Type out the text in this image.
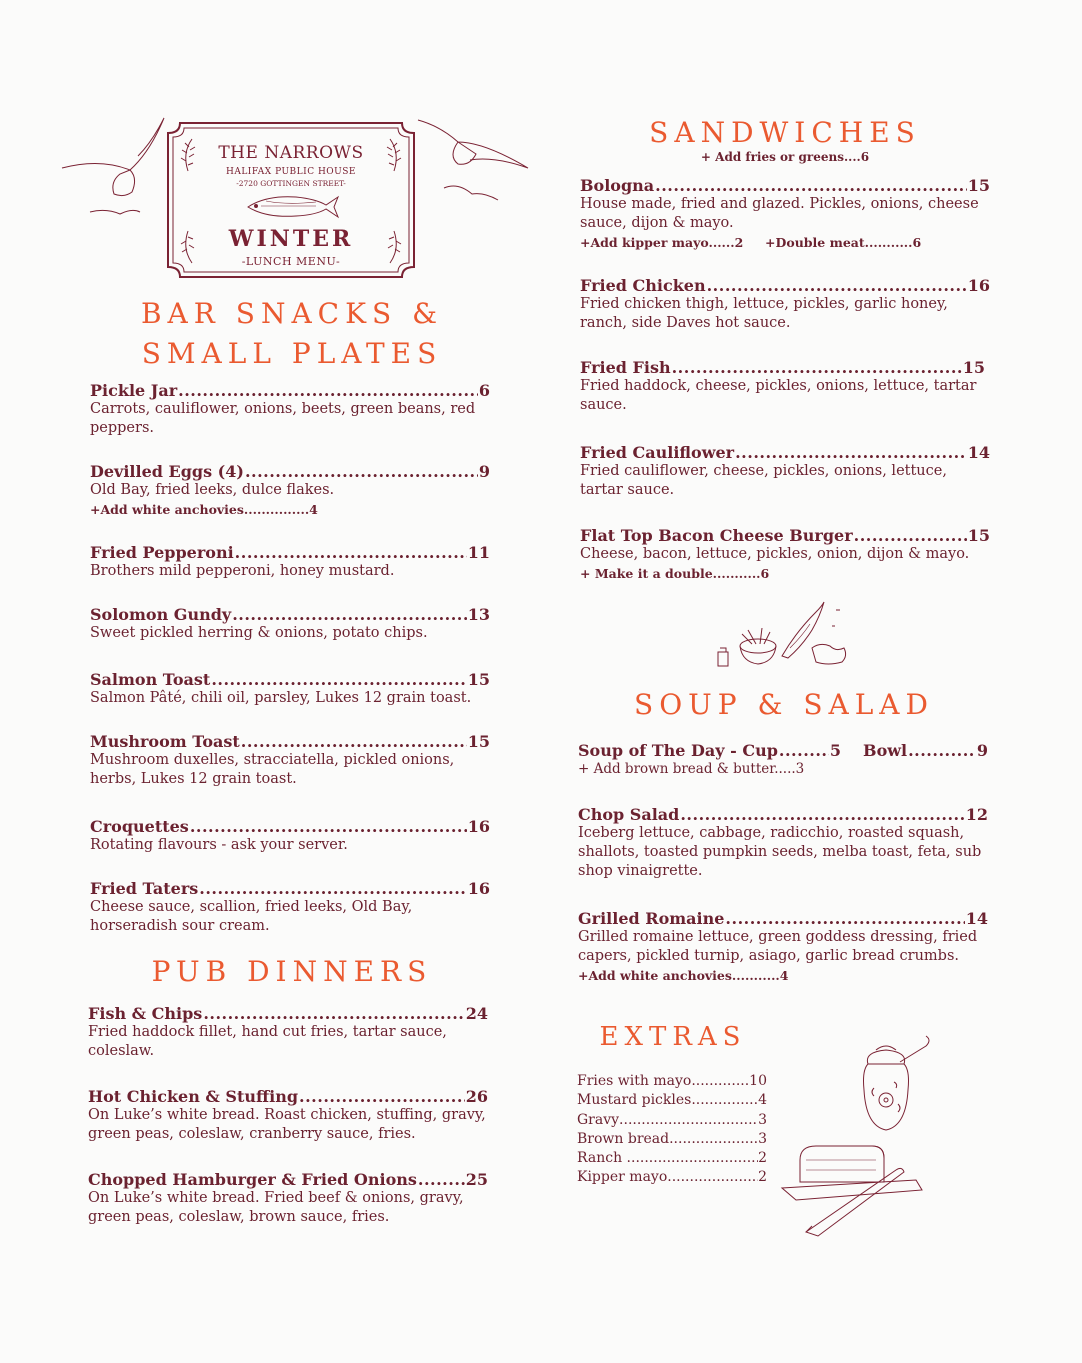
THE NARROWS
HALIFAX PUBLIC HOUSE
-2720 GOTTINGEN STREET-
WINTER
-LUNCH MENU-
BAR SNACKS &
SMALL PLATES
Pickle Jar .....	6
Carrots, cauliflower, onions, beets, green beans, red peppers.
Devilled Eggs (4) .....	9
Old Bay, fried leeks, dulce flakes.
+Add white anchovies...............4
Fried Pepperoni .....	11
Brothers mild pepperoni, honey mustard.
Solomon Gundy .....	13
Sweet pickled herring & onions, potato chips.
Salmon Toast .....	15
Salmon Pâté, chili oil, parsley, Lukes 12 grain toast.
Mushroom Toast .....	15
Mushroom duxelles, stracciatella, pickled onions, herbs, Lukes 12 grain toast.
Croquettes .....	16
Rotating flavours - ask your server.
Fried Taters .....	16
Cheese sauce, scallion, fried leeks, Old Bay, horseradish sour cream.
PUB DINNERS
Fish & Chips .....	24
Fried haddock fillet, hand cut fries, tartar sauce, coleslaw.
Hot Chicken & Stuffing .....	26
On Luke’s white bread. Roast chicken, stuffing, gravy, green peas, coleslaw, cranberry sauce, fries.
Chopped Hamburger & Fried Onions .....	25
On Luke’s white bread. Fried beef & onions, gravy, green peas, coleslaw, brown sauce, fries.
SANDWICHES
+ Add fries or greens....6
Bologna .....	15
House made, fried and glazed. Pickles, onions, cheese sauce, dijon & mayo.
+Add kipper mayo......2     +Double meat...........6
Fried Chicken .....	16
Fried chicken thigh, lettuce, pickles, garlic honey, ranch, side Daves hot sauce.
Fried Fish .....	15
Fried haddock, cheese, pickles, onions, lettuce, tartar sauce.
Fried Cauliflower .....	14
Fried cauliflower, cheese, pickles, onions, lettuce, tartar sauce.
Flat Top Bacon Cheese Burger .....	15
Cheese, bacon, lettuce, pickles, onion, dijon & mayo.
+ Make it a double...........6
SOUP & SALAD
Soup of The Day - Cup .....	5 Bowl .....	9
+ Add brown bread & butter.....3
Chop Salad .....	12
Iceberg lettuce, cabbage, radicchio, roasted squash, shallots, toasted pumpkin seeds, melba toast, feta, sub shop vinaigrette.
Grilled Romaine .....	14
Grilled romaine lettuce, green goddess dressing, fried capers, pickled turnip, asiago, garlic bread crumbs.
+Add white anchovies...........4
EXTRAS
Fries with mayo .....	10
Mustard pickles .....	4
Gravy .....	3
Brown bread .....	3
Ranch .....	2
Kipper mayo .....	2
